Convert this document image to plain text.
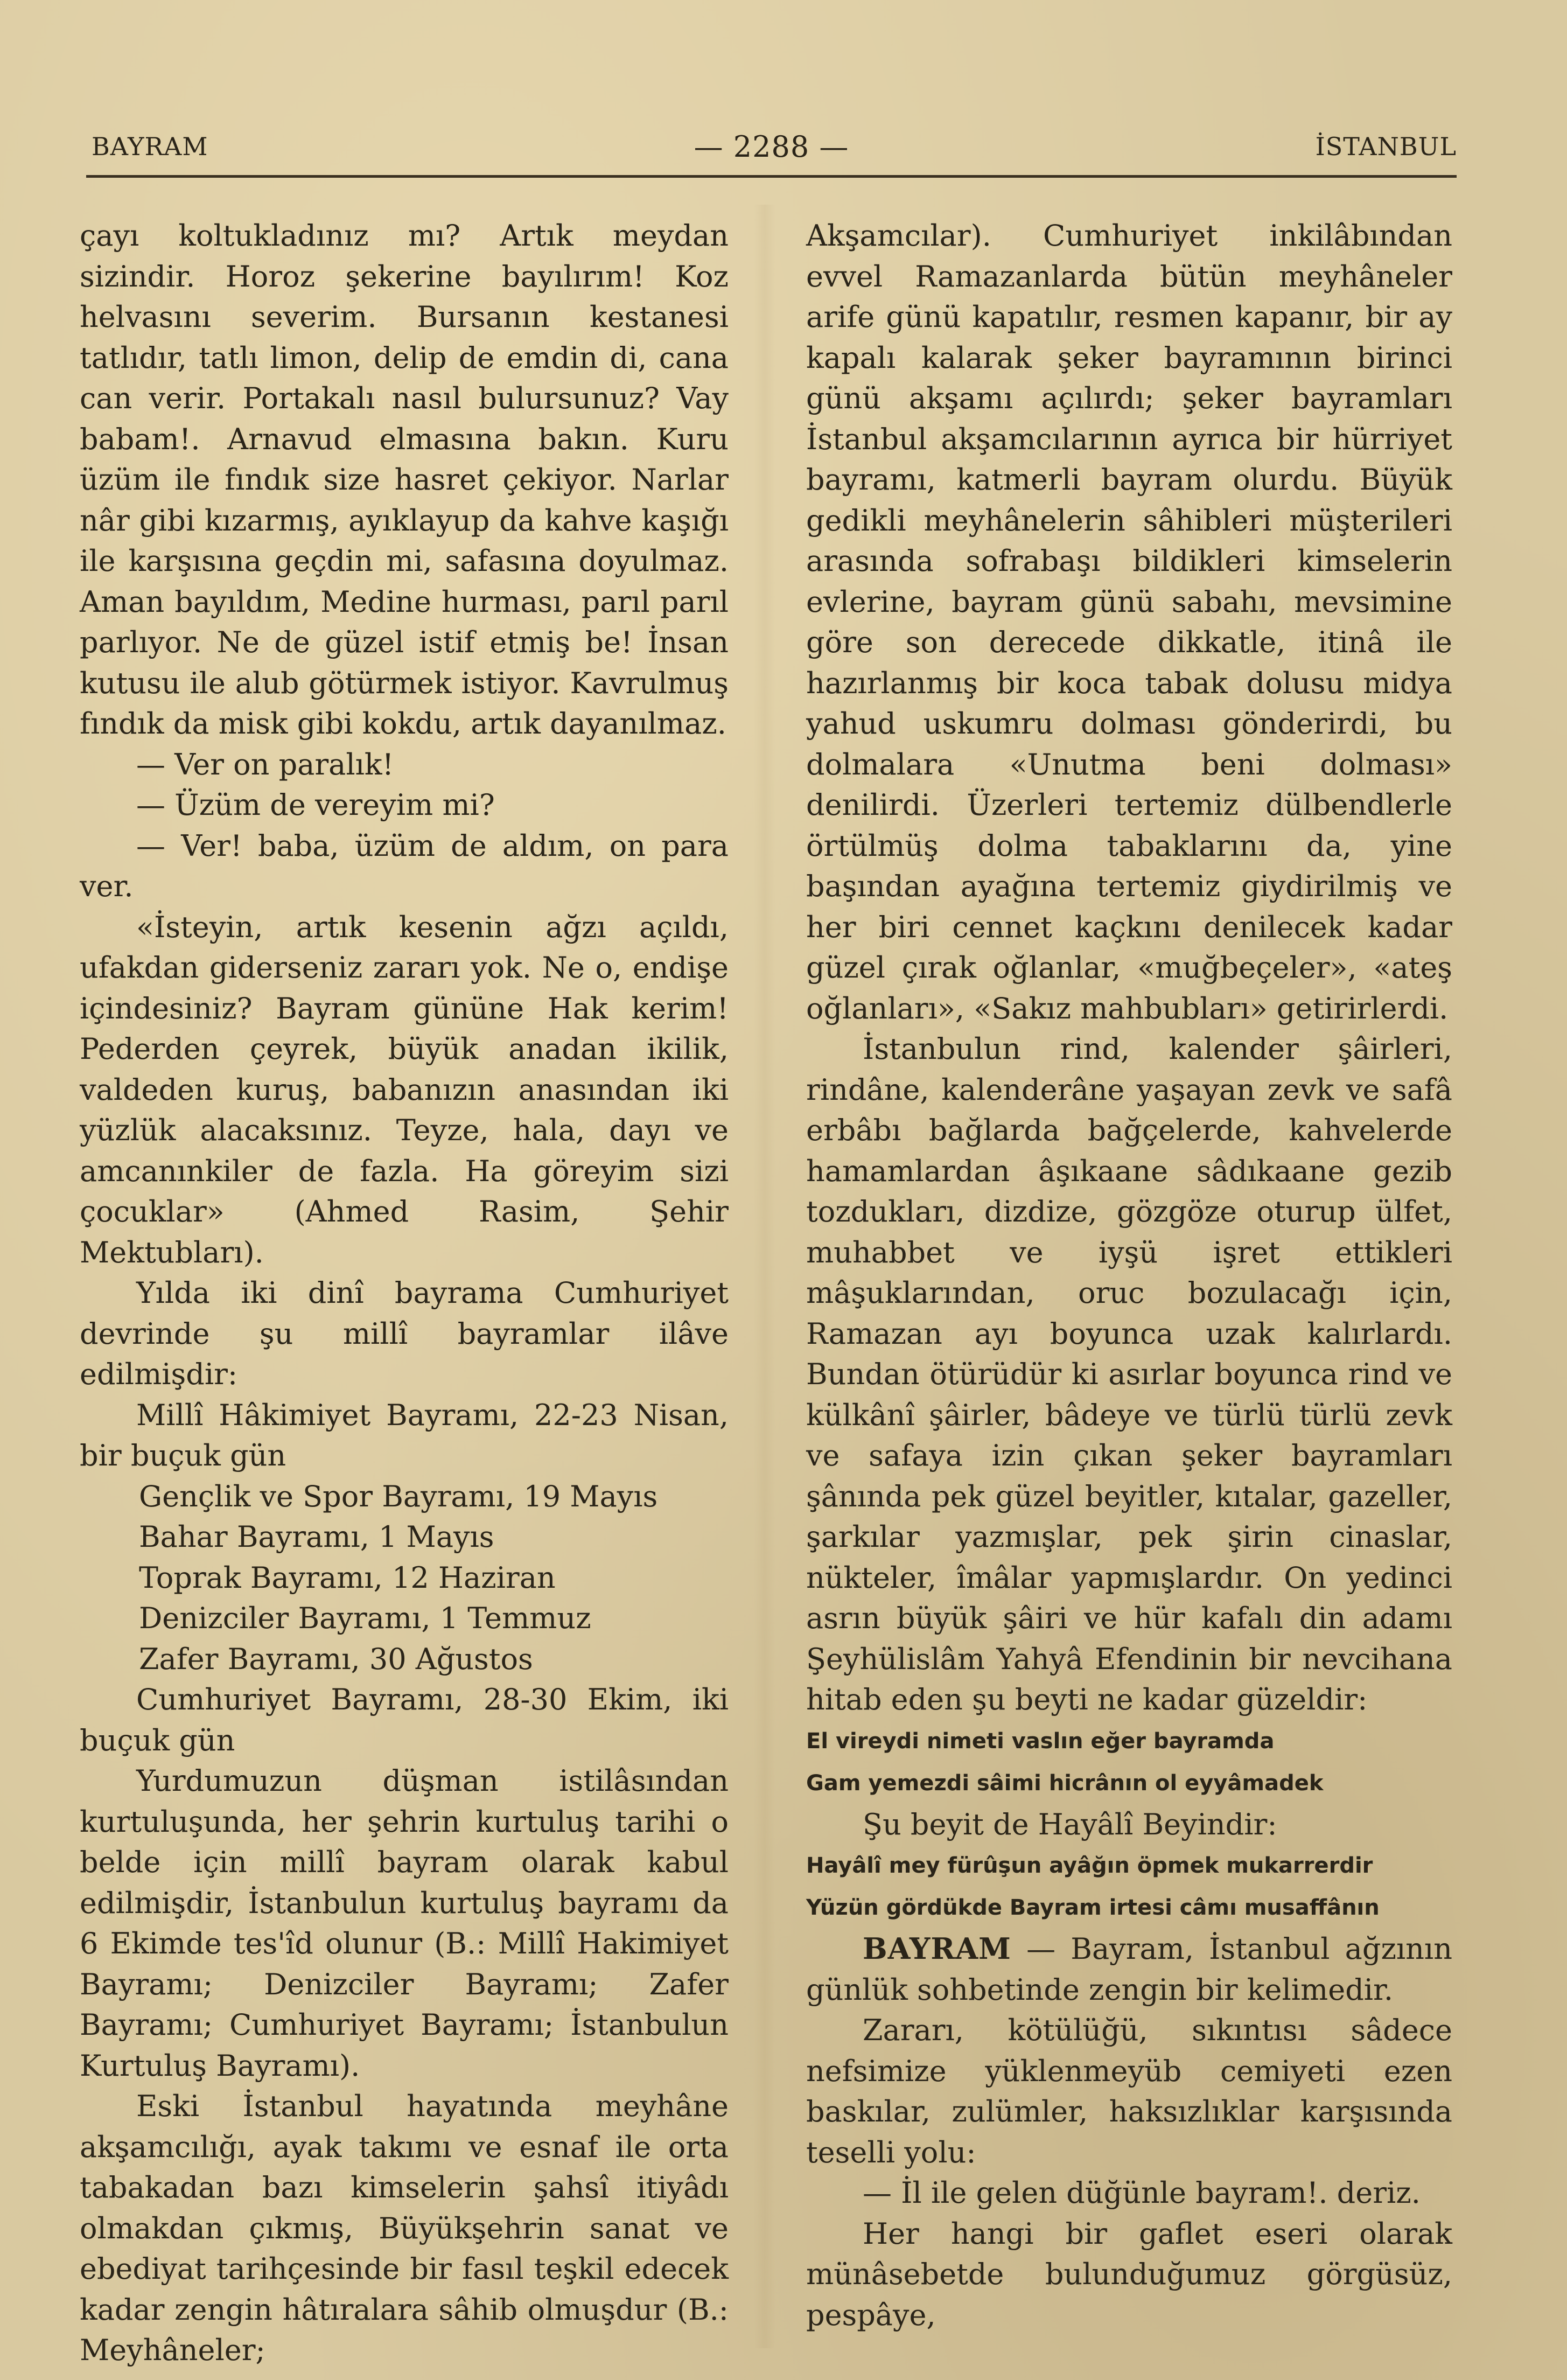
BAYRAM	— 2288 —	İSTANBUL

çayı koltukladınız mı? Artık meydan sizindir. Horoz şekerine bayılırım! Koz helvasını severim. Bursanın kestanesi tatlıdır, tatlı limon, delip de emdin di, cana can verir. Portakalı nasıl bulursunuz? Vay babam!. Arnavud elmasına bakın. Kuru üzüm ile fındık size hasret çekiyor. Narlar nâr gibi kızarmış, ayıklayup da kahve kaşığı ile karşısına geçdin mi, safasına doyulmaz. Aman bayıldım, Medine hurması, parıl parıl parlıyor. Ne de güzel istif etmiş be! İnsan kutusu ile alub götürmek istiyor. Kavrulmuş fındık da misk gibi kokdu, artık dayanılmaz.

— Ver on paralık!

— Üzüm de vereyim mi?

— Ver! baba, üzüm de aldım, on para ver.

«İsteyin, artık kesenin ağzı açıldı, ufakdan giderseniz zararı yok. Ne o, endişe içindesiniz? Bayram gününe Hak kerim! Pederden çeyrek, büyük anadan ikilik, valdeden kuruş, babanızın anasından iki yüzlük alacaksınız. Teyze, hala, dayı ve amcanınkiler de fazla. Ha göreyim sizi çocuklar» (Ahmed Rasim, Şehir Mektubları).

Yılda iki dinî bayrama Cumhuriyet devrinde şu millî bayramlar ilâve edilmişdir:

Millî Hâkimiyet Bayramı, 22-23 Nisan, bir buçuk gün

Gençlik ve Spor Bayramı, 19 Mayıs

Bahar Bayramı, 1 Mayıs

Toprak Bayramı, 12 Haziran

Denizciler Bayramı, 1 Temmuz

Zafer Bayramı, 30 Ağustos

Cumhuriyet Bayramı, 28-30 Ekim, iki buçuk gün

Yurdumuzun düşman istilâsından kurtuluşunda, her şehrin kurtuluş tarihi o belde için millî bayram olarak kabul edilmişdir, İstanbulun kurtuluş bayramı da 6 Ekimde tes'îd olunur (B.: Millî Hakimiyet Bayramı; Denizciler Bayramı; Zafer Bayramı; Cumhuriyet Bayramı; İstanbulun Kurtuluş Bayramı).

Eski İstanbul hayatında meyhâne akşamcılığı, ayak takımı ve esnaf ile orta tabakadan bazı kimselerin şahsî itiyâdı olmakdan çıkmış, Büyükşehrin sanat ve ebediyat tarihçesinde bir fasıl teşkil edecek kadar zengin hâtıralara sâhib olmuşdur (B.: Meyhâneler;

Akşamcılar). Cumhuriyet inkilâbından evvel Ramazanlarda bütün meyhâneler arife günü kapatılır, resmen kapanır, bir ay kapalı kalarak şeker bayramının birinci günü akşamı açılırdı; şeker bayramları İstanbul akşamcılarının ayrıca bir hürriyet bayramı, katmerli bayram olurdu. Büyük gedikli meyhânelerin sâhibleri müşterileri arasında sofrabaşı bildikleri kimselerin evlerine, bayram günü sabahı, mevsimine göre son derecede dikkatle, itinâ ile hazırlanmış bir koca tabak dolusu midya yahud uskumru dolması gönderirdi, bu dolmalara «Unutma beni dolması» denilirdi. Üzerleri tertemiz dülbendlerle örtülmüş dolma tabaklarını da, yine başından ayağına tertemiz giydirilmiş ve her biri cennet kaçkını denilecek kadar güzel çırak oğlanlar, «muğbeçeler», «ateş oğlanları», «Sakız mahbubları» getirirlerdi.

İstanbulun rind, kalender şâirleri, rindâne, kalenderâne yaşayan zevk ve safâ erbâbı bağlarda bağçelerde, kahvelerde hamamlardan âşıkaane sâdıkaane gezib tozdukları, dizdize, gözgöze oturup ülfet, muhabbet ve iyşü işret ettikleri mâşuklarından, oruc bozulacağı için, Ramazan ayı boyunca uzak kalırlardı. Bundan ötürüdür ki asırlar boyunca rind ve külkânî şâirler, bâdeye ve türlü türlü zevk ve safaya izin çıkan şeker bayramları şânında pek güzel beyitler, kıtalar, gazeller, şarkılar yazmışlar, pek şirin cinaslar, nükteler, îmâlar yapmışlardır. On yedinci asrın büyük şâiri ve hür kafalı din adamı Şeyhülislâm Yahyâ Efendinin bir nevcihana hitab eden şu beyti ne kadar güzeldir:

El vireydi nimeti vaslın eğer bayramda

Gam yemezdi sâimi hicrânın ol eyyâmadek

Şu beyit de Hayâlî Beyindir:

Hayâlî mey fürûşun ayâğın öpmek mukarrerdir

Yüzün gördükde Bayram irtesi câmı musaffânın

BAYRAM — Bayram, İstanbul ağzının günlük sohbetinde zengin bir kelimedir.

Zararı, kötülüğü, sıkıntısı sâdece nefsimize yüklenmeyüb cemiyeti ezen baskılar, zulümler, haksızlıklar karşısında teselli yolu:

— İl ile gelen düğünle bayram!. deriz.

Her hangi bir gaflet eseri olarak münâsebetde bulunduğumuz görgüsüz, pespâye,
